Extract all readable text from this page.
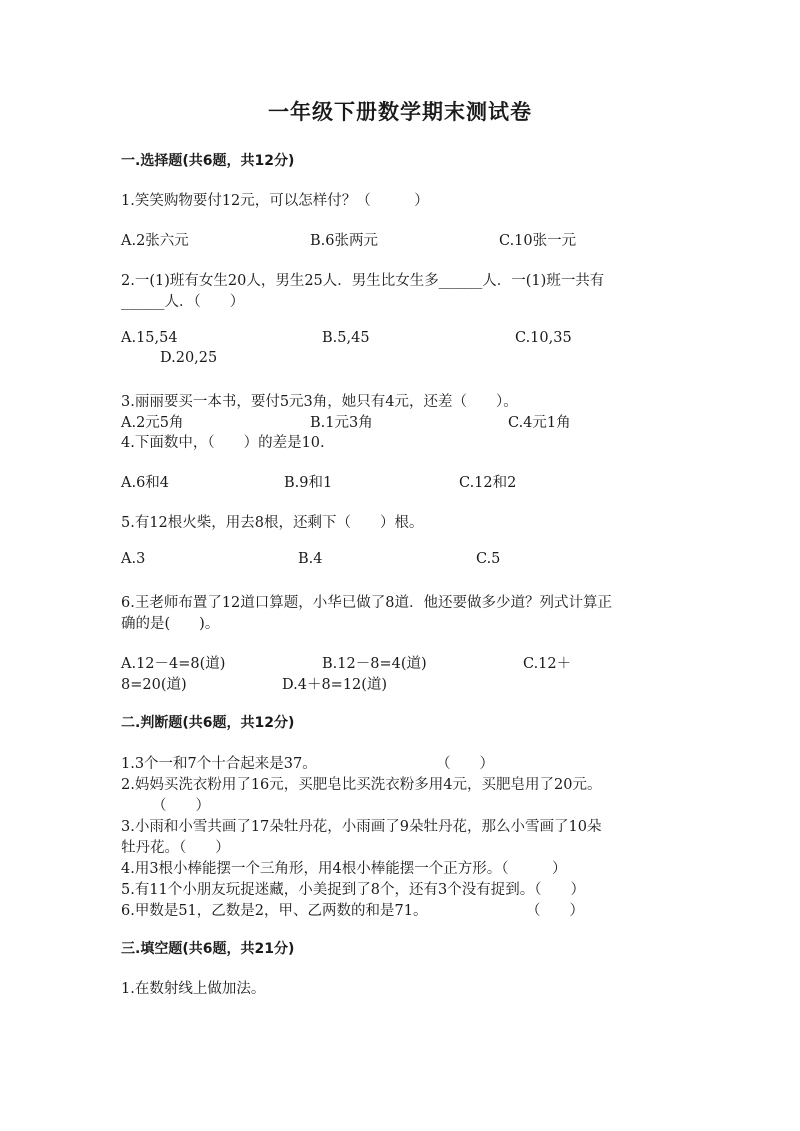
一年级下册数学期末测试卷
一.选择题(共6题，共12分)
1.笑笑购物要付12元，可以怎样付？（　　　）
A.2张六元	B.6张两元	C.10张一元
2.一(1)班有女生20人，男生25人．男生比女生多______人．一(1)班一共有
______人．（　　）
A.15,54	B.5,45	C.10,35
D.20,25
3.丽丽要买一本书，要付5元3角，她只有4元，还差（　　）。
A.2元5角	B.1元3角	C.4元1角
4.下面数中，（　　）的差是10.
A.6和4	B.9和1	C.12和2
5.有12根火柴，用去8根，还剩下（　　）根。
A.3	B.4	C.5
6.王老师布置了12道口算题，小华已做了8道．他还要做多少道？列式计算正
确的是(　　)。
A.12－4=8(道)	B.12－8=4(道)	C.12＋
8=20(道)	D.4＋8=12(道)
二.判断题(共6题，共12分)
1.3个一和7个十合起来是37。	（　　）
2.妈妈买洗衣粉用了16元，买肥皂比买洗衣粉多用4元，买肥皂用了20元。
（　　）
3.小雨和小雪共画了17朵牡丹花，小雨画了9朵牡丹花，那么小雪画了10朵
牡丹花。（　　）
4.用3根小棒能摆一个三角形，用4根小棒能摆一个正方形。（　　　）
5.有11个小朋友玩捉迷藏，小美捉到了8个，还有3个没有捉到。（　　）
6.甲数是51，乙数是2，甲、乙两数的和是71。	（　　）
三.填空题(共6题，共21分)
1.在数射线上做加法。
